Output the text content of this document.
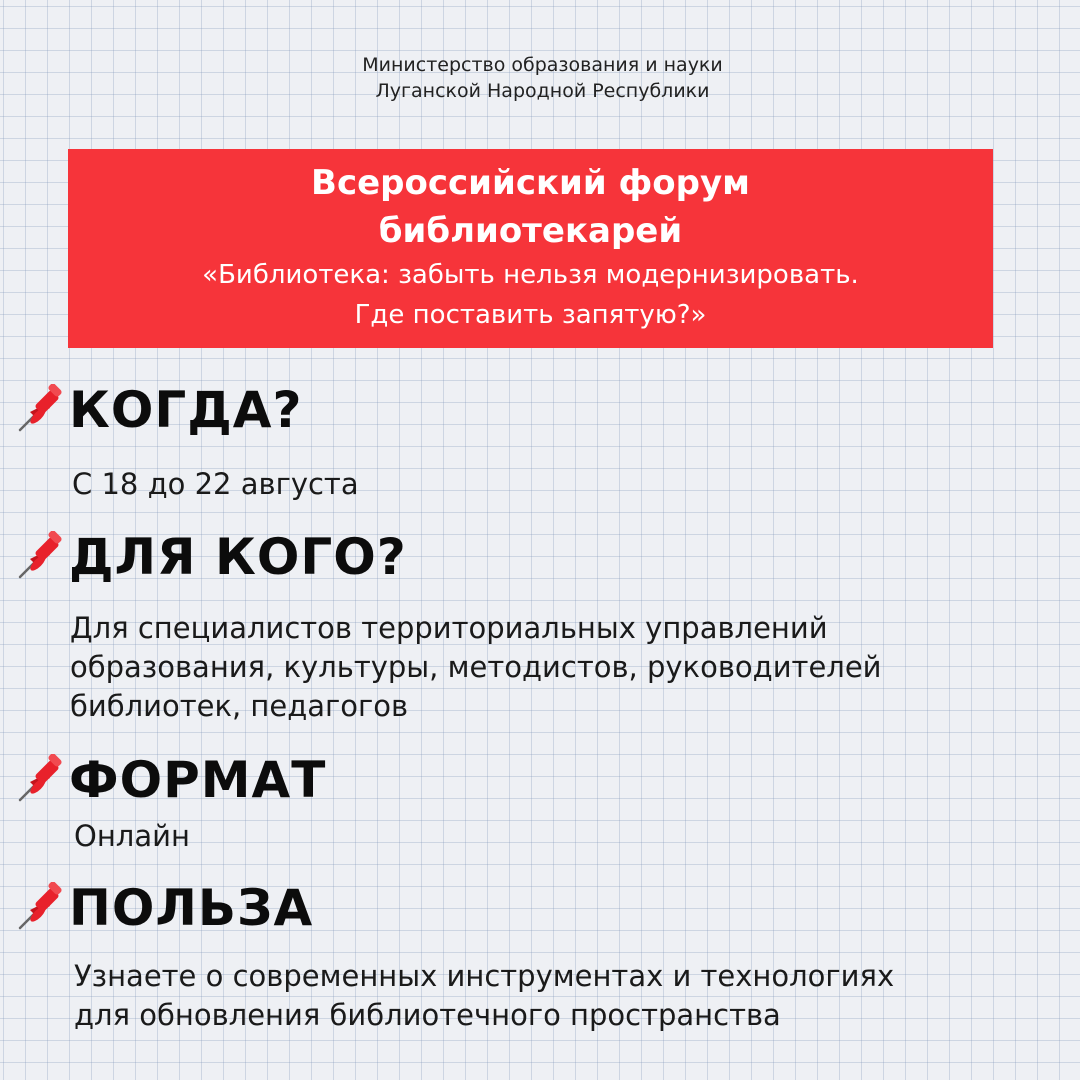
Министерство образования и науки
Луганской Народной Республики
Всероссийский форум
библиотекарей
«Библиотека: забыть нельзя модернизировать.
Где поставить запятую?»
КОГДА?
С 18 до 22 августа
ДЛЯ КОГО?
Для специалистов территориальных управлений
образования, культуры, методистов, руководителей
библиотек, педагогов
ФОРМАТ
Онлайн
ПОЛЬЗА
Узнаете о современных инструментах и технологиях
для обновления библиотечного пространства
